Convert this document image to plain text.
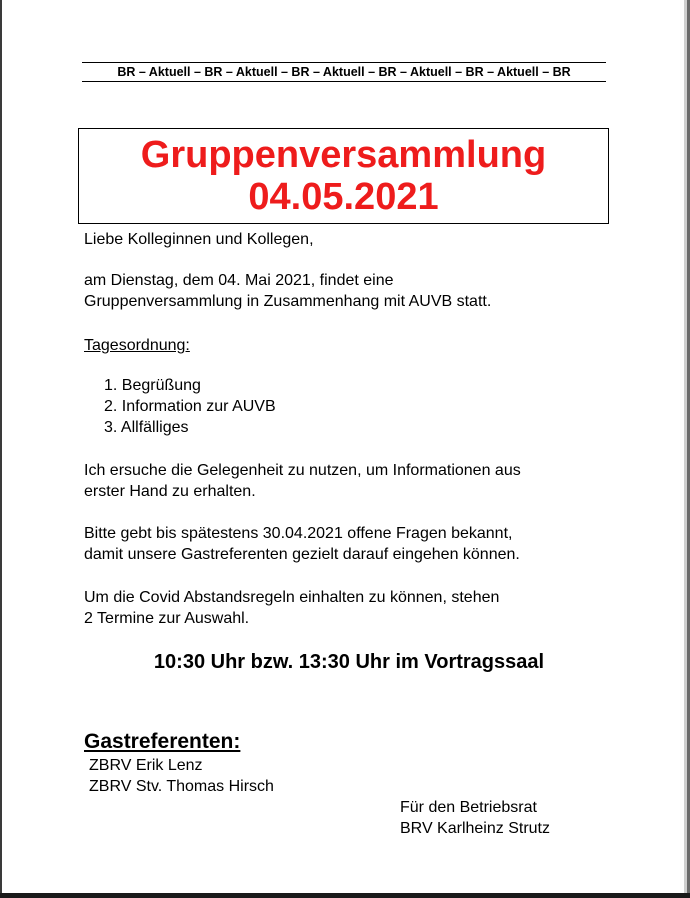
BR – Aktuell – BR – Aktuell – BR – Aktuell – BR – Aktuell – BR – Aktuell – BR
Gruppenversammlung
04.05.2021
Liebe Kolleginnen und Kollegen,
am Dienstag, dem 04. Mai 2021, findet eine
Gruppenversammlung in Zusammenhang mit AUVB statt.
Tagesordnung:
1. Begrüßung
2. Information zur AUVB
3. Allfälliges
Ich ersuche die Gelegenheit zu nutzen, um Informationen aus
erster Hand zu erhalten.
Bitte gebt bis spätestens 30.04.2021 offene Fragen bekannt,
damit unsere Gastreferenten gezielt darauf eingehen können.
Um die Covid Abstandsregeln einhalten zu können, stehen
2 Termine zur Auswahl.
10:30 Uhr bzw. 13:30 Uhr im Vortragssaal
Gastreferenten:
ZBRV Erik Lenz
ZBRV Stv. Thomas Hirsch
Für den Betriebsrat
BRV Karlheinz Strutz
